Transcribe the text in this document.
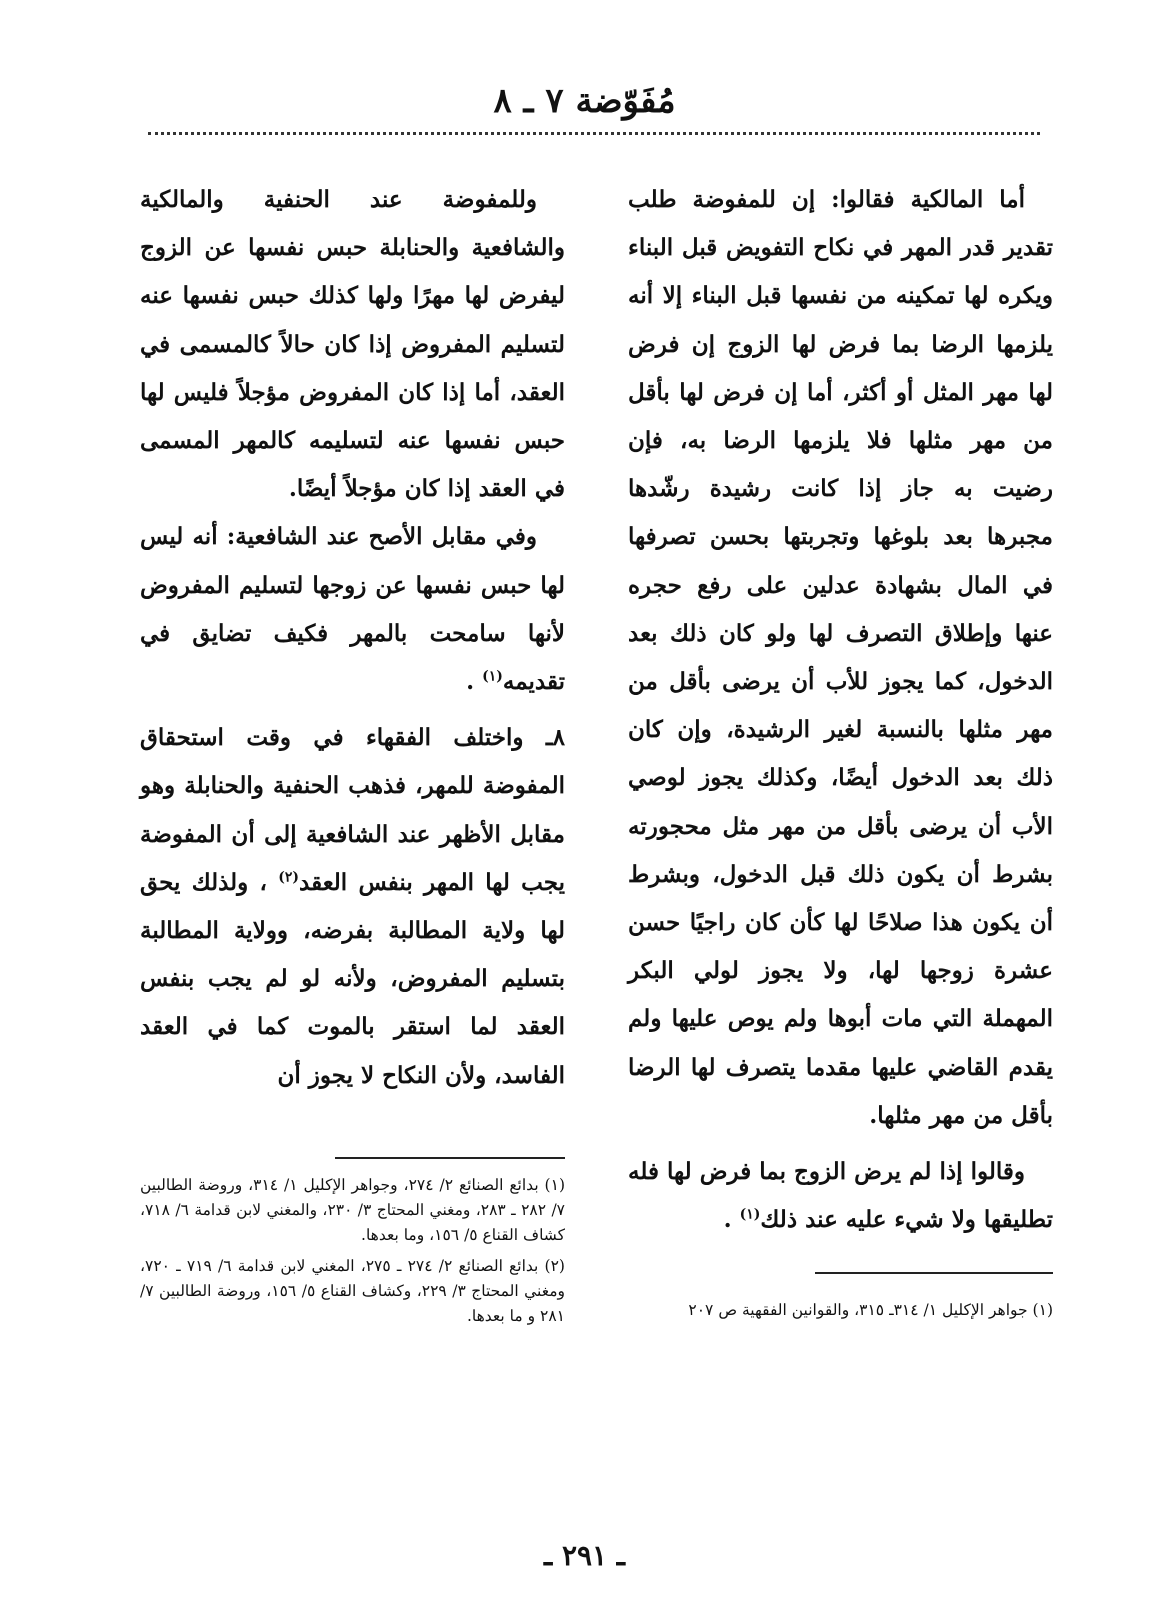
مُفَوّضة ٧ ـ ٨

أما المالكية فقالوا: إن للمفوضة طلب تقدير قدر المهر في نكاح التفويض قبل البناء ويكره لها تمكينه من نفسها قبل البناء إلا أنه يلزمها الرضا بما فرض لها الزوج إن فرض لها مهر المثل أو أكثر، أما إن فرض لها بأقل من مهر مثلها فلا يلزمها الرضا به، فإن رضيت به جاز إذا كانت رشيدة رشّدها مجبرها بعد بلوغها وتجربتها بحسن تصرفها في المال بشهادة عدلين على رفع حجره عنها وإطلاق التصرف لها ولو كان ذلك بعد الدخول، كما يجوز للأب أن يرضى بأقل من مهر مثلها بالنسبة لغير الرشيدة، وإن كان ذلك بعد الدخول أيضًا، وكذلك يجوز لوصي الأب أن يرضى بأقل من مهر مثل محجورته بشرط أن يكون ذلك قبل الدخول، وبشرط أن يكون هذا صلاحًا لها كأن كان راجيًا حسن عشرة زوجها لها، ولا يجوز لولي البكر المهملة التي مات أبوها ولم يوص عليها ولم يقدم القاضي عليها مقدما يتصرف لها الرضا بأقل من مهر مثلها.

وقالوا إذا لم يرض الزوج بما فرض لها فله تطليقها ولا شيء عليه عند ذلك$^{(١)}$ .

وللمفوضة عند الحنفية والمالكية والشافعية والحنابلة حبس نفسها عن الزوج ليفرض لها مهرًا ولها كذلك حبس نفسها عنه لتسليم المفروض إذا كان حالاً كالمسمى في العقد، أما إذا كان المفروض مؤجلاً فليس لها حبس نفسها عنه لتسليمه كالمهر المسمى في العقد إذا كان مؤجلاً أيضًا.

وفي مقابل الأصح عند الشافعية: أنه ليس لها حبس نفسها عن زوجها لتسليم المفروض لأنها سامحت بالمهر فكيف تضايق في تقديمه$^{(١)}$ .

٨ـ واختلف الفقهاء في وقت استحقاق المفوضة للمهر، فذهب الحنفية والحنابلة وهو مقابل الأظهر عند الشافعية إلى أن المفوضة يجب لها المهر بنفس العقد$^{(٢)}$ ، ولذلك يحق لها ولاية المطالبة بفرضه، وولاية المطالبة بتسليم المفروض، ولأنه لو لم يجب بنفس العقد لما استقر بالموت كما في العقد الفاسد، ولأن النكاح لا يجوز أن

(١) جواهر الإكليل ١/ ٣١٤ـ ٣١٥، والقوانين الفقهية ص ٢٠٧

(١) بدائع الصنائع ٢/ ٢٧٤، وجواهر الإكليل ١/ ٣١٤، وروضة الطالبين ٧/ ٢٨٢ ـ ٢٨٣، ومغني المحتاج ٣/ ٢٣٠، والمغني لابن قدامة ٦/ ٧١٨، كشاف القناع ٥/ ١٥٦، وما بعدها.

(٢) بدائع الصنائع ٢/ ٢٧٤ ـ ٢٧٥، المغني لابن قدامة ٦/ ٧١٩ ـ ٧٢٠، ومغني المحتاج ٣/ ٢٢٩، وكشاف القناع ٥/ ١٥٦، وروضة الطالبين ٧/ ٢٨١ و ما بعدها.

ـ ٢٩١ ـ
